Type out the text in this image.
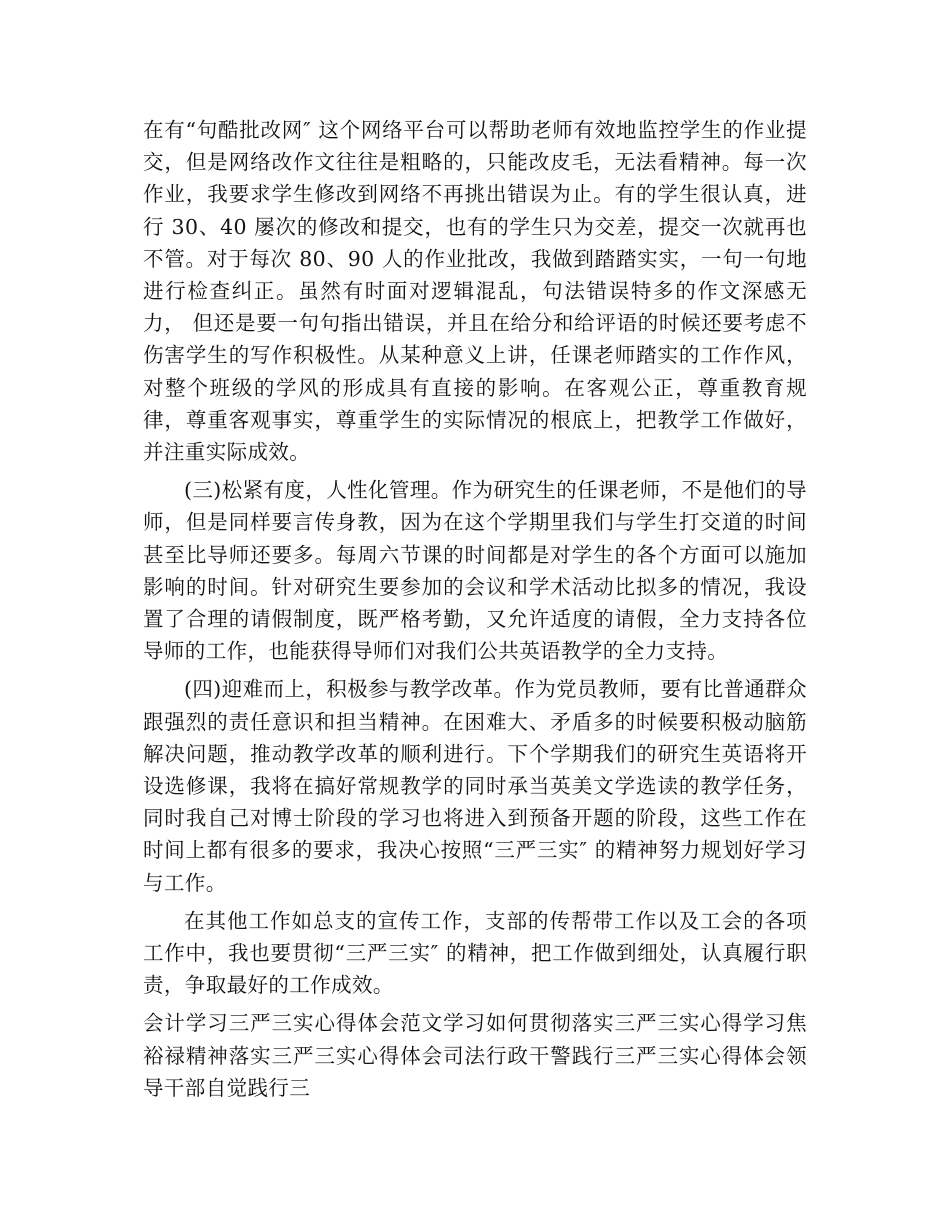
在有“句酷批改网″ 这个网络平台可以帮助老师有效地监控学生的作业提交，但是网络改作文往往是粗略的，只能改皮毛，无法看精神。每一次作业，我要求学生修改到网络不再挑出错误为止。有的学生很认真，进行 30、40 屡次的修改和提交，也有的学生只为交差，提交一次就再也不管。对于每次 80、90 人的作业批改，我做到踏踏实实，一句一句地进行检查纠正。虽然有时面对逻辑混乱，句法错误特多的作文深感无力， 但还是要一句句指出错误，并且在给分和给评语的时候还要考虑不伤害学生的写作积极性。从某种意义上讲，任课老师踏实的工作作风，对整个班级的学风的形成具有直接的影响。在客观公正，尊重教育规律，尊重客观事实，尊重学生的实际情况的根底上，把教学工作做好，并注重实际成效。

(三)松紧有度，人性化管理。作为研究生的任课老师，不是他们的导师，但是同样要言传身教，因为在这个学期里我们与学生打交道的时间甚至比导师还要多。每周六节课的时间都是对学生的各个方面可以施加影响的时间。针对研究生要参加的会议和学术活动比拟多的情况，我设置了合理的请假制度，既严格考勤，又允许适度的请假，全力支持各位导师的工作，也能获得导师们对我们公共英语教学的全力支持。

(四)迎难而上，积极参与教学改革。作为党员教师，要有比普通群众跟强烈的责任意识和担当精神。在困难大、矛盾多的时候要积极动脑筋解决问题，推动教学改革的顺利进行。下个学期我们的研究生英语将开设选修课，我将在搞好常规教学的同时承当英美文学选读的教学任务，同时我自己对博士阶段的学习也将进入到预备开题的阶段，这些工作在时间上都有很多的要求，我决心按照“三严三实″ 的精神努力规划好学习与工作。

在其他工作如总支的宣传工作，支部的传帮带工作以及工会的各项工作中，我也要贯彻“三严三实″ 的精神，把工作做到细处，认真履行职责，争取最好的工作成效。

会计学习三严三实心得体会范文学习如何贯彻落实三严三实心得学习焦裕禄精神落实三严三实心得体会司法行政干警践行三严三实心得体会领导干部自觉践行三
